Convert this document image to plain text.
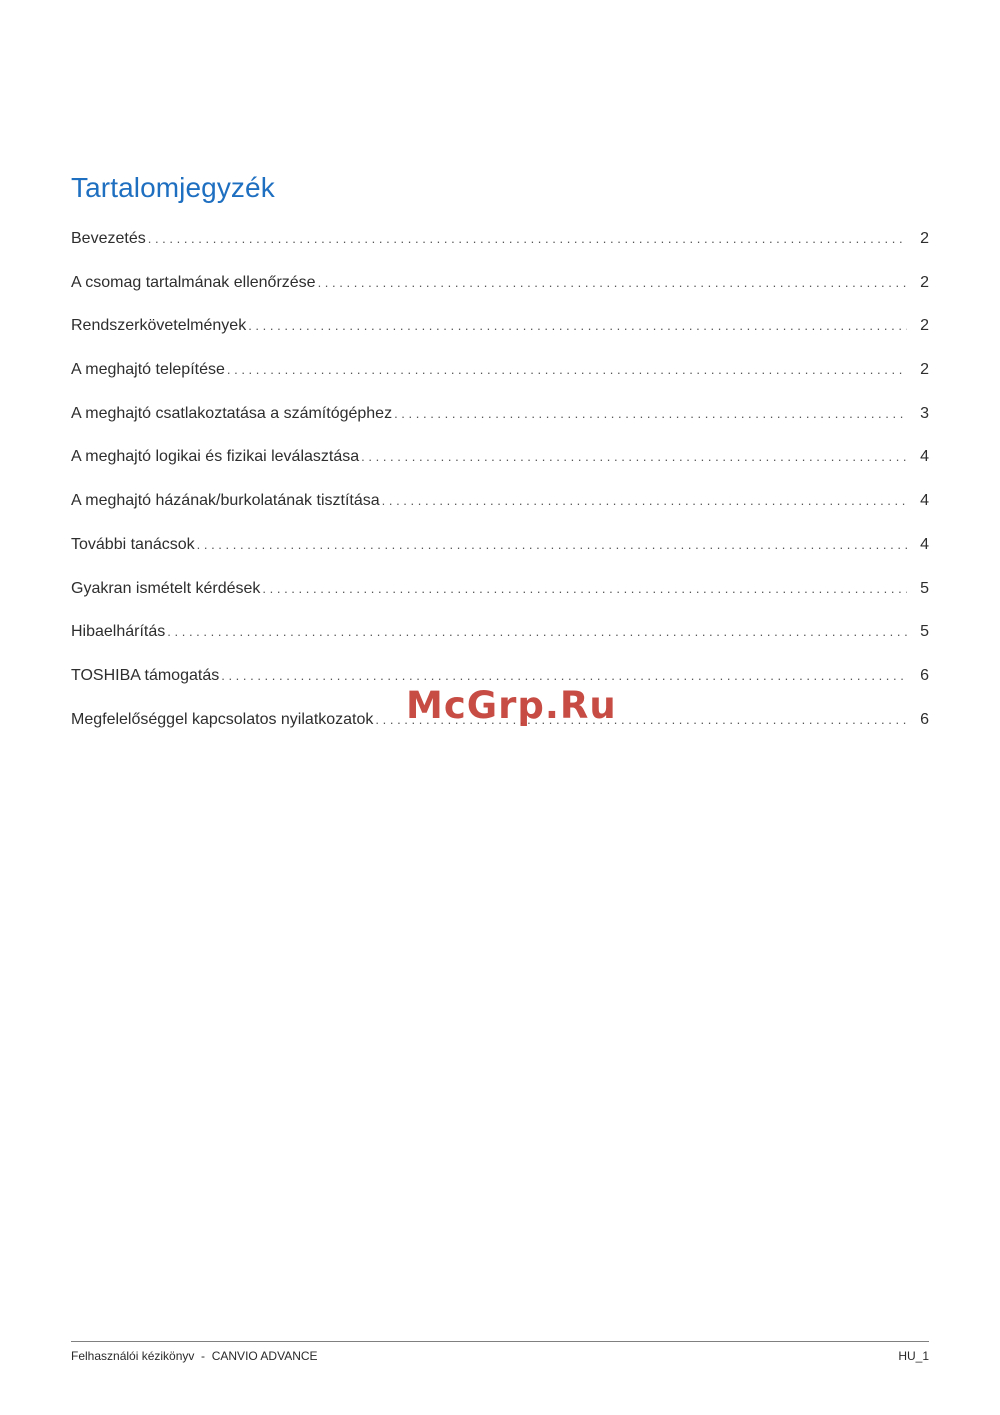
Tartalomjegyzék
Bevezetés . . .	2
A csomag tartalmának ellenőrzése . . .	2
Rendszerkövetelmények . . .	2
A meghajtó telepítése . . .	2
A meghajtó csatlakoztatása a számítógéphez . . .	3
A meghajtó logikai és fizikai leválasztása . . .	4
A meghajtó házának/burkolatának tisztítása . . .	4
További tanácsok . . .	4
Gyakran ismételt kérdések . . .	5
Hibaelhárítás . . .	5
TOSHIBA támogatás . . .	6
Megfelelőséggel kapcsolatos nyilatkozatok . . .	6
McGrp.Ru
Felhasználói kézikönyv  -  CANVIO ADVANCE	HU_1
